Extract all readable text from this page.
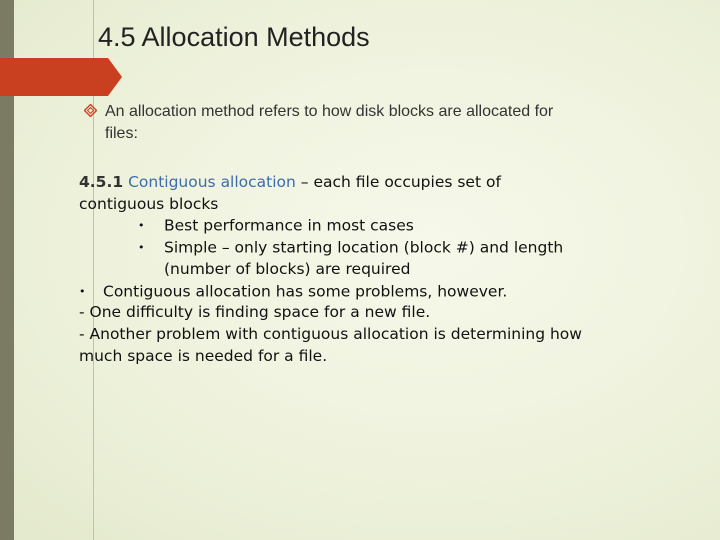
4.5 Allocation Methods
An allocation method refers to how disk blocks are allocated for
files:
4.5.1 Contiguous allocation – each file occupies set of
contiguous blocks
• Best performance in most cases
• Simple – only starting location (block #) and length
(number of blocks) are required
• Contiguous allocation has some problems, however.
- One difficulty is finding space for a new file.
- Another problem with contiguous allocation is determining how
much space is needed for a file.
